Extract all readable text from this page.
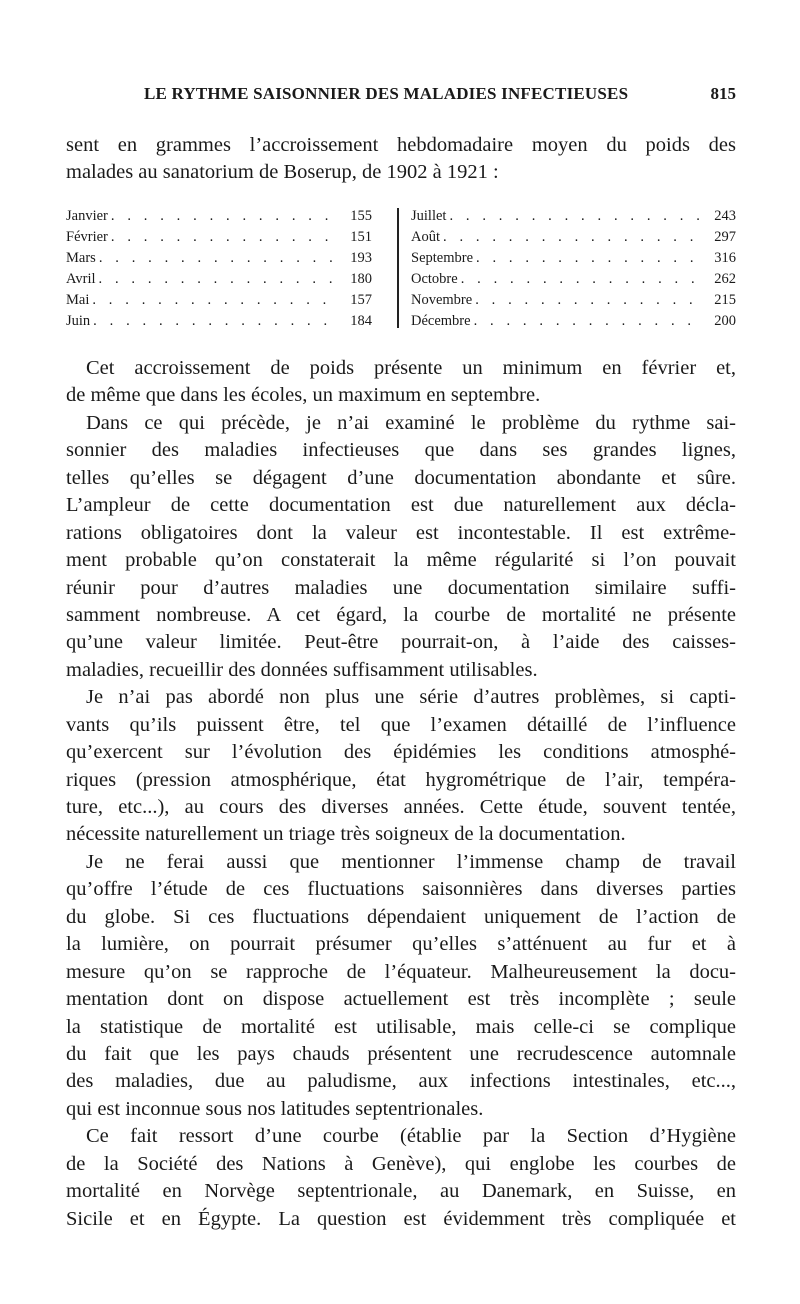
LE RYTHME SAISONNIER DES MALADIES INFECTIEUSES	815
sent en grammes l’accroissement hebdomadaire moyen du poids des
malades au sanatorium de Boserup, de 1902 à 1921 :
Janvier . . .	155
Février . . .	151
Mars . . .	193
Avril . . .	180
Mai . . .	157
Juin . . .	184
Juillet . . .	243
Août . . .	297
Septembre . . .	316
Octobre . . .	262
Novembre . . .	215
Décembre . . .	200
Cet accroissement de poids présente un minimum en février et,
de même que dans les écoles, un maximum en septembre.
Dans ce qui précède, je n’ai examiné le problème du rythme sai-
sonnier des maladies infectieuses que dans ses grandes lignes,
telles qu’elles se dégagent d’une documentation abondante et sûre.
L’ampleur de cette documentation est due naturellement aux décla-
rations obligatoires dont la valeur est incontestable. Il est extrême-
ment probable qu’on constaterait la même régularité si l’on pouvait
réunir pour d’autres maladies une documentation similaire suffi-
samment nombreuse. A cet égard, la courbe de mortalité ne présente
qu’une valeur limitée. Peut-être pourrait-on, à l’aide des caisses-
maladies, recueillir des données suffisamment utilisables.
Je n’ai pas abordé non plus une série d’autres problèmes, si capti-
vants qu’ils puissent être, tel que l’examen détaillé de l’influence
qu’exercent sur l’évolution des épidémies les conditions atmosphé-
riques (pression atmosphérique, état hygrométrique de l’air, tempéra-
ture, etc...), au cours des diverses années. Cette étude, souvent tentée,
nécessite naturellement un triage très soigneux de la documentation.
Je ne ferai aussi que mentionner l’immense champ de travail
qu’offre l’étude de ces fluctuations saisonnières dans diverses parties
du globe. Si ces fluctuations dépendaient uniquement de l’action de
la lumière, on pourrait présumer qu’elles s’atténuent au fur et à
mesure qu’on se rapproche de l’équateur. Malheureusement la docu-
mentation dont on dispose actuellement est très incomplète ; seule
la statistique de mortalité est utilisable, mais celle-ci se complique
du fait que les pays chauds présentent une recrudescence automnale
des maladies, due au paludisme, aux infections intestinales, etc...,
qui est inconnue sous nos latitudes septentrionales.
Ce fait ressort d’une courbe (établie par la Section d’Hygiène
de la Société des Nations à Genève), qui englobe les courbes de
mortalité en Norvège septentrionale, au Danemark, en Suisse, en
Sicile et en Égypte. La question est évidemment très compliquée et
